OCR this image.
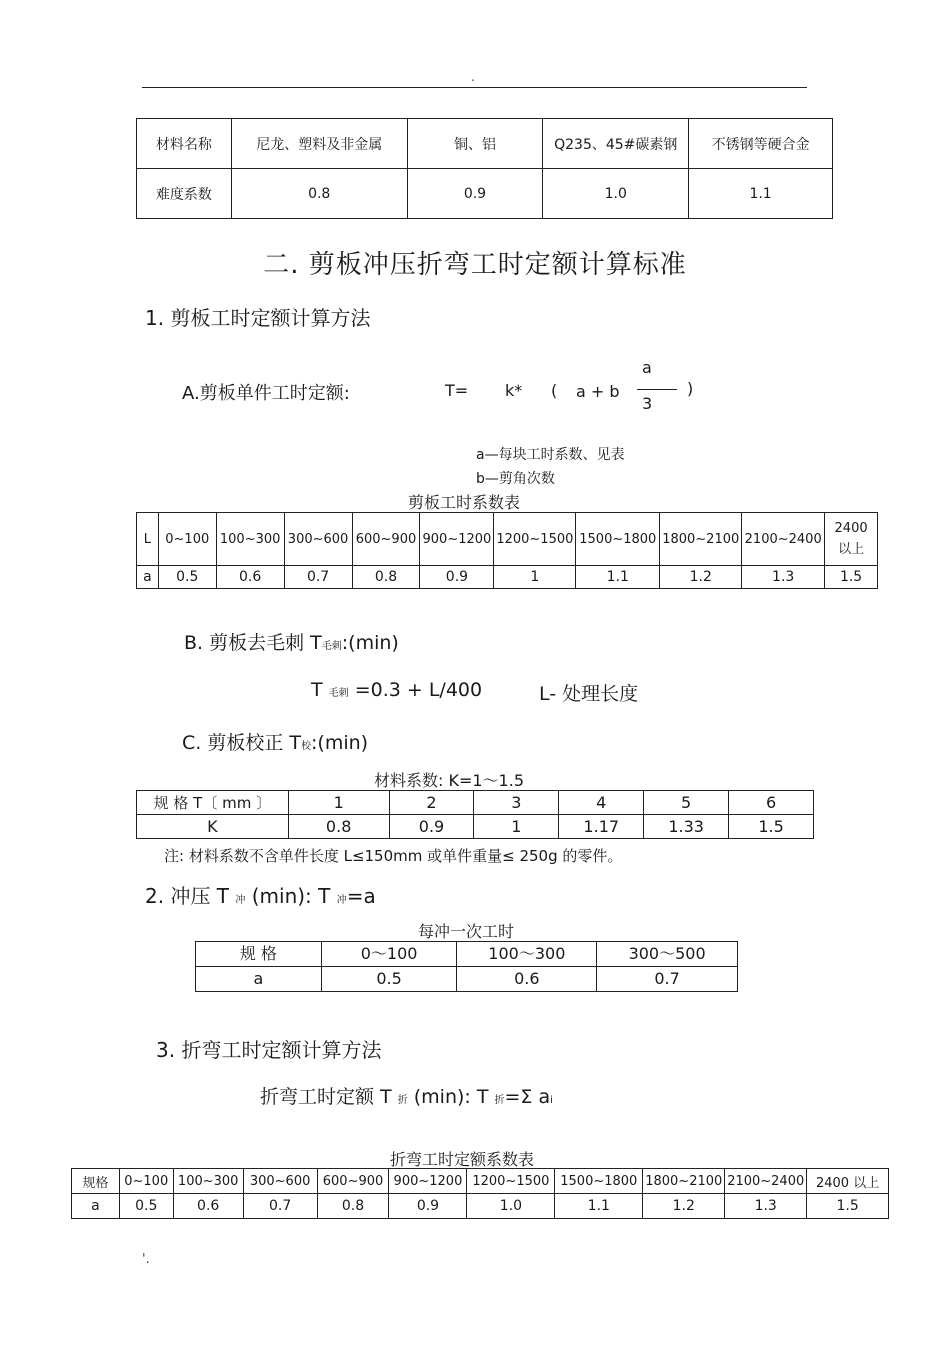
.
材料名称	尼龙、塑料及非金属	铜、铝	Q235、45#碳素钢	不锈钢等硬合金
难度系数	0.8	0.9	1.0	1.1
二. 剪板冲压折弯工时定额计算标准
1. 剪板工时定额计算方法
A.剪板单件工时定额:	T= k* ( a + b
a
3
)
a—每块工时系数、见表
b—剪角次数
剪板工时系数表
L	0~100	100~300	300~600	600~900	900~1200	1200~1500	1500~1800	1800~2100	2100~2400	2400
以上
a	0.5	0.6	0.7	0.8	0.9	1	1.1	1.2	1.3	1.5
B. 剪板去毛刺 T毛刺:(min)
T 毛刺 =0.3 + L/400	L- 处理长度
C. 剪板校正 T校:(min)
材料系数: K=1～1.5
规 格 T〔 mm 〕	1	2	3	4	5	6
K	0.8	0.9	1	1.17	1.33	1.5
注: 材料系数不含单件长度 L≤150mm 或单件重量≤ 250g 的零件。
2. 冲压 T 冲 (min): T 冲=a
每冲一次工时
规 格	0～100	100～300	300～500
a	0.5	0.6	0.7
3. 折弯工时定额计算方法
折弯工时定额 T 折 (min): T 折=Σ ai
折弯工时定额系数表
规格	0~100	100~300	300~600	600~900	900~1200	1200~1500	1500~1800	1800~2100	2100~2400	2400 以上
a	0.5	0.6	0.7	0.8	0.9	1.0	1.1	1.2	1.3	1.5
'.
